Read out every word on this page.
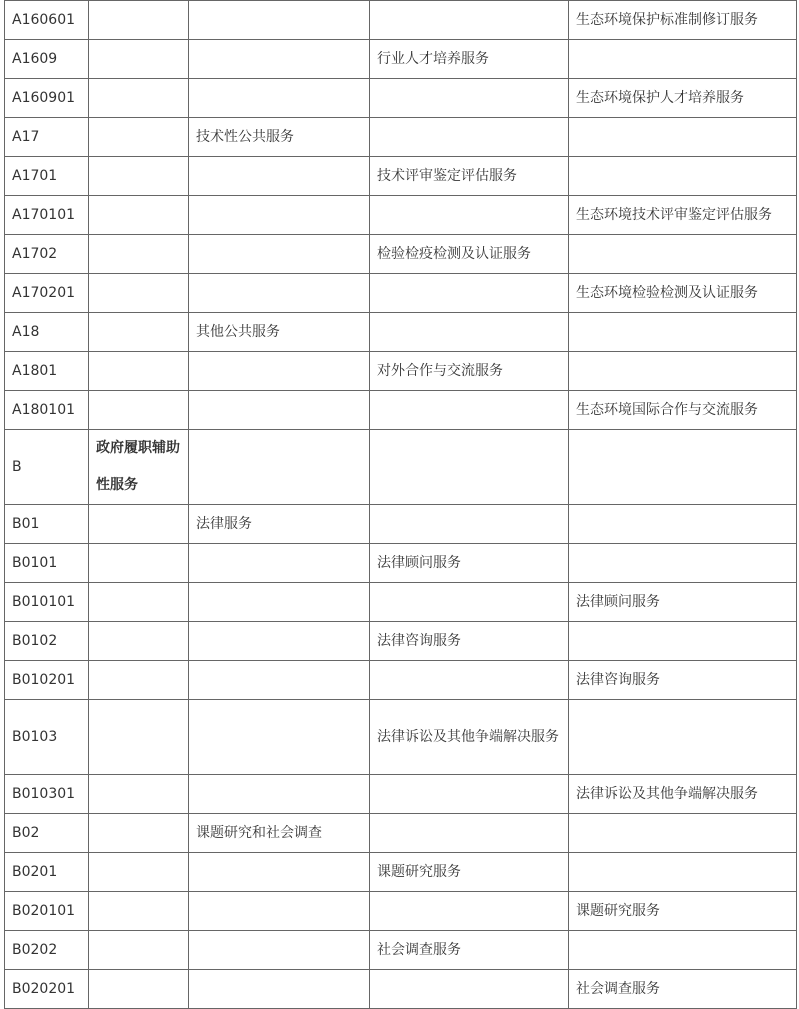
A160601				生态环境保护标准制修订服务
A1609			行业人才培养服务	
A160901				生态环境保护人才培养服务
A17		技术性公共服务		
A1701			技术评审鉴定评估服务	
A170101				生态环境技术评审鉴定评估服务
A1702			检验检疫检测及认证服务	
A170201				生态环境检验检测及认证服务
A18		其他公共服务		
A1801			对外合作与交流服务	
A180101				生态环境国际合作与交流服务
B	政府履职辅助性服务			
B01		法律服务		
B0101			法律顾问服务	
B010101				法律顾问服务
B0102			法律咨询服务	
B010201				法律咨询服务
B0103			法律诉讼及其他争端解决服务	
B010301				法律诉讼及其他争端解决服务
B02		课题研究和社会调查		
B0201			课题研究服务	
B020101				课题研究服务
B0202			社会调查服务	
B020201				社会调查服务
